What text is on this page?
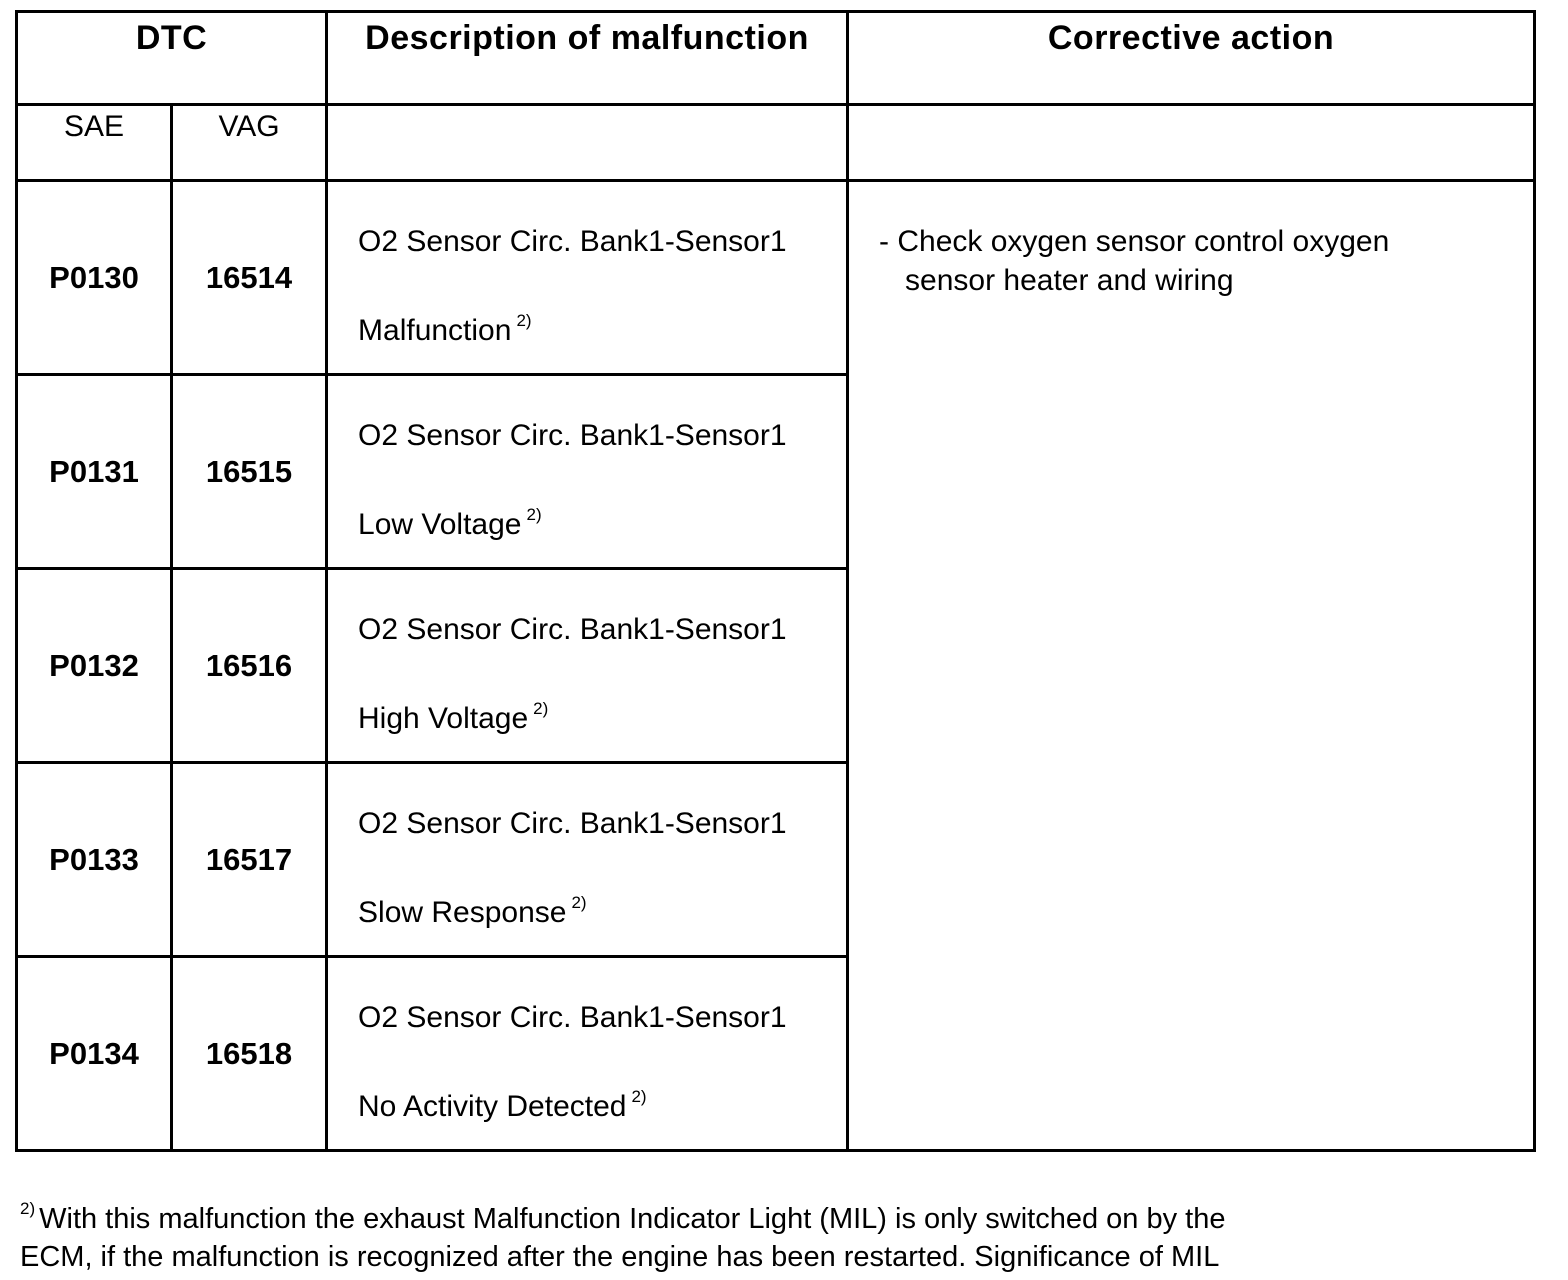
DTC		Description of malfunction	Corrective action
SAE	VAG		
P0130	16514	O2 Sensor Circ. Bank1-Sensor1
Malfunction $^{2)}$	- Check oxygen sensor control oxygen
sensor heater and wiring

P0131	16515	O2 Sensor Circ. Bank1-Sensor1
Low Voltage $^{2)}$

P0132	16516	O2 Sensor Circ. Bank1-Sensor1
High Voltage $^{2)}$

P0133	16517	O2 Sensor Circ. Bank1-Sensor1
Slow Response $^{2)}$

P0134	16518	O2 Sensor Circ. Bank1-Sensor1
No Activity Detected $^{2)}$
$^{2)}$ With this malfunction the exhaust Malfunction Indicator Light (MIL) is only switched on by the
ECM, if the malfunction is recognized after the engine has been restarted. Significance of MIL
